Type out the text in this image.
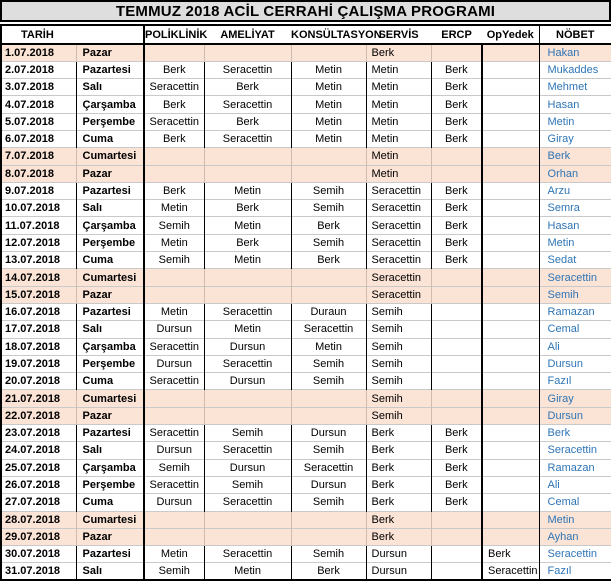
TEMMUZ 2018 ACİL CERRAHİ ÇALIŞMA PROGRAMI
TARİH		POLİKLİNİK	AMELİYAT	KONSÜLTASYON	SERVİS	ERCP	OpYedek	NÖBET
1.07.2018	Pazar				Berk			Hakan
2.07.2018	Pazartesi	Berk	Seracettin	Metin	Metin	Berk		Mukaddes
3.07.2018	Salı	Seracettin	Berk	Metin	Metin	Berk		Mehmet
4.07.2018	Çarşamba	Berk	Seracettin	Metin	Metin	Berk		Hasan
5.07.2018	Perşembe	Seracettin	Berk	Metin	Metin	Berk		Metin
6.07.2018	Cuma	Berk	Seracettin	Metin	Metin	Berk		Giray
7.07.2018	Cumartesi				Metin			Berk
8.07.2018	Pazar				Metin			Orhan
9.07.2018	Pazartesi	Berk	Metin	Semih	Seracettin	Berk		Arzu
10.07.2018	Salı	Metin	Berk	Semih	Seracettin	Berk		Semra
11.07.2018	Çarşamba	Semih	Metin	Berk	Seracettin	Berk		Hasan
12.07.2018	Perşembe	Metin	Berk	Semih	Seracettin	Berk		Metin
13.07.2018	Cuma	Semih	Metin	Berk	Seracettin	Berk		Sedat
14.07.2018	Cumartesi				Seracettin			Seracettin
15.07.2018	Pazar				Seracettin			Semih
16.07.2018	Pazartesi	Metin	Seracettin	Duraun	Semih			Ramazan
17.07.2018	Salı	Dursun	Metin	Seracettin	Semih			Cemal
18.07.2018	Çarşamba	Seracettin	Dursun	Metin	Semih			Ali
19.07.2018	Perşembe	Dursun	Seracettin	Semih	Semih			Dursun
20.07.2018	Cuma	Seracettin	Dursun	Semih	Semih			Fazıl
21.07.2018	Cumartesi				Semih			Giray
22.07.2018	Pazar				Semih			Dursun
23.07.2018	Pazartesi	Seracettin	Semih	Dursun	Berk	Berk		Berk
24.07.2018	Salı	Dursun	Seracettin	Semih	Berk	Berk		Seracettin
25.07.2018	Çarşamba	Semih	Dursun	Seracettin	Berk	Berk		Ramazan
26.07.2018	Perşembe	Seracettin	Semih	Dursun	Berk	Berk		Ali
27.07.2018	Cuma	Dursun	Seracettin	Semih	Berk	Berk		Cemal
28.07.2018	Cumartesi				Berk			Metin
29.07.2018	Pazar				Berk			Ayhan
30.07.2018	Pazartesi	Metin	Seracettin	Semih	Dursun		Berk	Seracettin
31.07.2018	Salı	Semih	Metin	Berk	Dursun		Seracettin	Fazıl
